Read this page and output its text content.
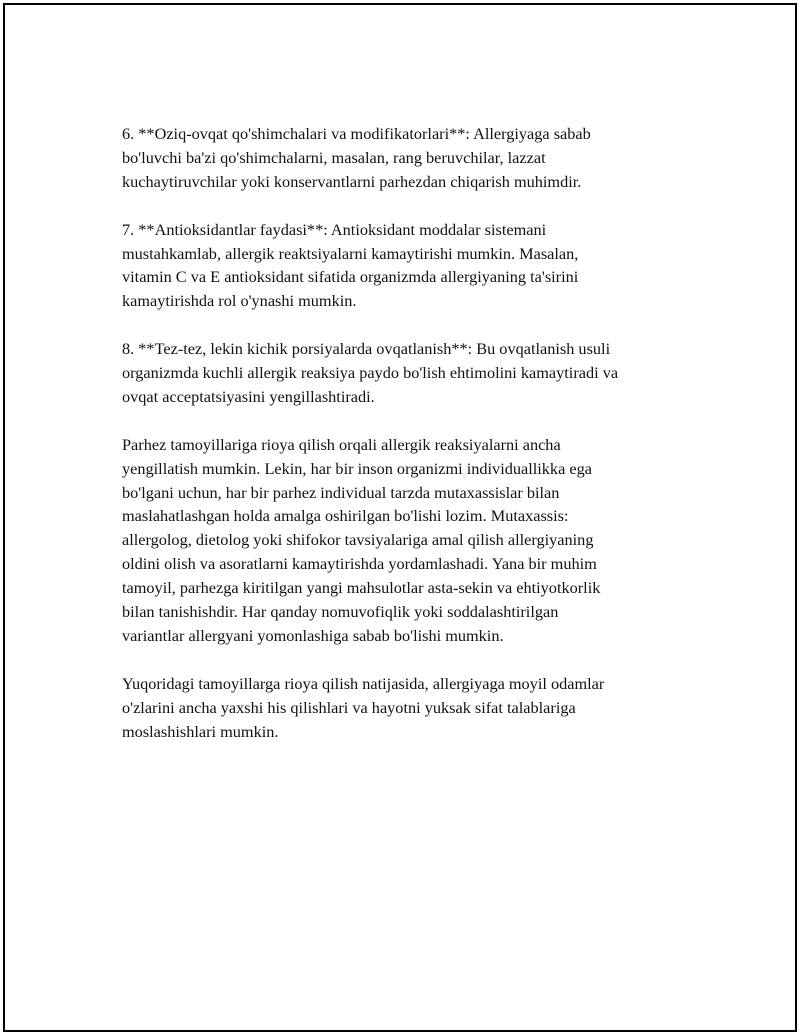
6. **Oziq-ovqat qo'shimchalari va modifikatorlari**: Allergiyaga sabab
bo'luvchi ba'zi qo'shimchalarni, masalan, rang beruvchilar, lazzat
kuchaytiruvchilar yoki konservantlarni parhezdan chiqarish muhimdir.

7. **Antioksidantlar faydasi**: Antioksidant moddalar sistemani
mustahkamlab, allergik reaktsiyalarni kamaytirishi mumkin. Masalan,
vitamin C va E antioksidant sifatida organizmda allergiyaning ta'sirini
kamaytirishda rol o'ynashi mumkin.

8. **Tez-tez, lekin kichik porsiyalarda ovqatlanish**: Bu ovqatlanish usuli
organizmda kuchli allergik reaksiya paydo bo'lish ehtimolini kamaytiradi va
ovqat acceptatsiyasini yengillashtiradi.

Parhez tamoyillariga rioya qilish orqali allergik reaksiyalarni ancha
yengillatish mumkin. Lekin, har bir inson organizmi individuallikka ega
bo'lgani uchun, har bir parhez individual tarzda mutaxassislar bilan
maslahatlashgan holda amalga oshirilgan bo'lishi lozim. Mutaxassis:
allergolog, dietolog yoki shifokor tavsiyalariga amal qilish allergiyaning
oldini olish va asoratlarni kamaytirishda yordamlashadi. Yana bir muhim
tamoyil, parhezga kiritilgan yangi mahsulotlar asta-sekin va ehtiyotkorlik
bilan tanishishdir. Har qanday nomuvofiqlik yoki soddalashtirilgan
variantlar allergyani yomonlashiga sabab bo'lishi mumkin.

Yuqoridagi tamoyillarga rioya qilish natijasida, allergiyaga moyil odamlar
o'zlarini ancha yaxshi his qilishlari va hayotni yuksak sifat talablariga
moslashishlari mumkin.
